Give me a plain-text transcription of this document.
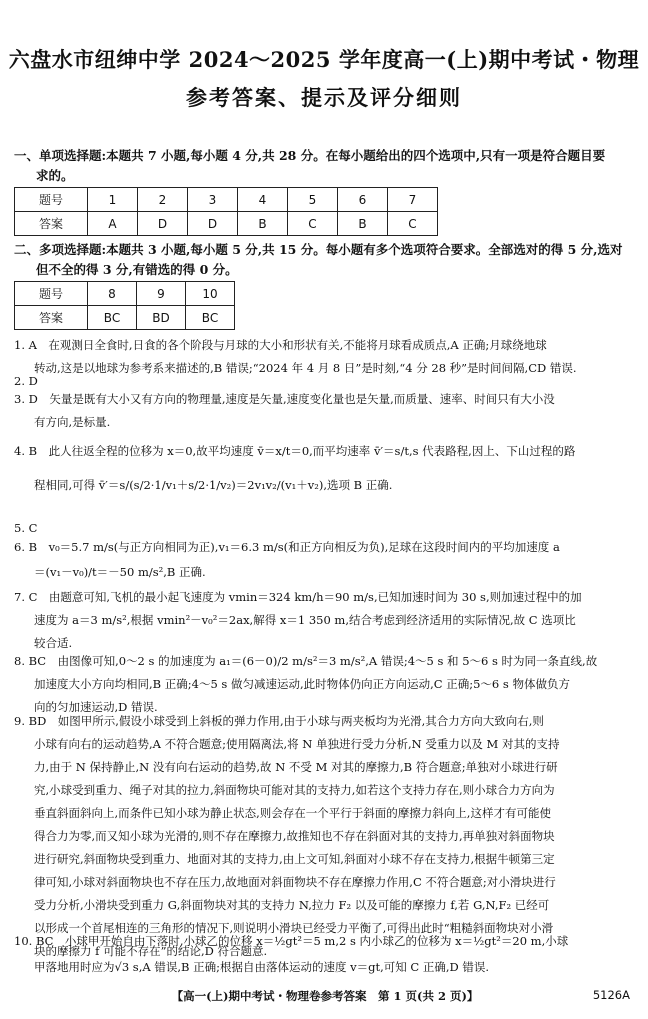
六盘水市纽绅中学 2024～2025 学年度高一(上)期中考试・物理
参考答案、提示及评分细则
一、单项选择题:本题共 7 小题,每小题 4 分,共 28 分。在每小题给出的四个选项中,只有一项是符合题目要
求的。
题号	1	2	3	4	5	6	7
答案	A	D	D	B	C	B	C
二、多项选择题:本题共 3 小题,每小题 5 分,共 15 分。每小题有多个选项符合要求。全部选对的得 5 分,选对
但不全的得 3 分,有错选的得 0 分。
题号	8	9	10
答案	BC	BD	BC
1. A　在观测日全食时,日食的各个阶段与月球的大小和形状有关,不能将月球看成质点,A 正确;月球绕地球
转动,这是以地球为参考系来描述的,B 错误;“2024 年 4 月 8 日”是时刻,“4 分 28 秒”是时间间隔,CD 错误.
2. D
3. D　矢量是既有大小又有方向的物理量,速度是矢量,速度变化量也是矢量,而质量、速率、时间只有大小没
有方向,是标量.
4. B　此人往返全程的位移为 x＝0,故平均速度 v̄＝x/t＝0,而平均速率 v̄′＝s/t,s 代表路程,因上、下山过程的路
程相同,可得 v̄′＝s/(s/2·1/v₁＋s/2·1/v₂)＝2v₁v₂/(v₁＋v₂),选项 B 正确.
5. C
6. B　v₀＝5.7 m/s(与正方向相同为正),v₁＝6.3 m/s(和正方向相反为负),足球在这段时间内的平均加速度 a
＝(v₁－v₀)/t＝－50 m/s²,B 正确.
7. C　由题意可知,飞机的最小起飞速度为 vmin＝324 km/h＝90 m/s,已知加速时间为 30 s,则加速过程中的加
速度为 a＝3 m/s²,根据 vmin²－v₀²＝2ax,解得 x＝1 350 m,结合考虑到经济适用的实际情况,故 C 选项比
较合适.
8. BC　由图像可知,0～2 s 的加速度为 a₁＝(6－0)/2 m/s²＝3 m/s²,A 错误;4～5 s 和 5～6 s 时为同一条直线,故
加速度大小方向均相同,B 正确;4～5 s 做匀减速运动,此时物体仍向正方向运动,C 正确;5～6 s 物体做负方
向的匀加速运动,D 错误.
9. BD　如图甲所示,假设小球受到上斜板的弹力作用,由于小球与两夹板均为光滑,其合力方向大致向右,则
小球有向右的运动趋势,A 不符合题意;使用隔离法,将 N 单独进行受力分析,N 受重力以及 M 对其的支持
力,由于 N 保持静止,N 没有向右运动的趋势,故 N 不受 M 对其的摩擦力,B 符合题意;单独对小球进行研
究,小球受到重力、绳子对其的拉力,斜面物块可能对其的支持力,如若这个支持力存在,则小球合力方向为
垂直斜面斜向上,而条件已知小球为静止状态,则会存在一个平行于斜面的摩擦力斜向上,这样才有可能使
得合力为零,而又知小球为光滑的,则不存在摩擦力,故推知也不存在斜面对其的支持力,再单独对斜面物块
进行研究,斜面物块受到重力、地面对其的支持力,由上文可知,斜面对小球不存在支持力,根据牛顿第三定
律可知,小球对斜面物块也不存在压力,故地面对斜面物块不存在摩擦力作用,C 不符合题意;对小滑块进行
受力分析,小滑块受到重力 G,斜面物块对其的支持力 N,拉力 F₂ 以及可能的摩擦力 f,若 G,N,F₂ 已经可
以形成一个首尾相连的三角形的情况下,则说明小滑块已经受力平衡了,可得出此时“粗糙斜面物块对小滑
块的摩擦力 f 可能不存在”的结论,D 符合题意.
10. BC　小球甲开始自由下落时,小球乙的位移 x＝½gt²＝5 m,2 s 内小球乙的位移为 x＝½gt²＝20 m,小球
甲落地用时应为√3 s,A 错误,B 正确;根据自由落体运动的速度 v＝gt,可知 C 正确,D 错误.
【高一(上)期中考试・物理卷参考答案　第 1 页(共 2 页)】	5126A
